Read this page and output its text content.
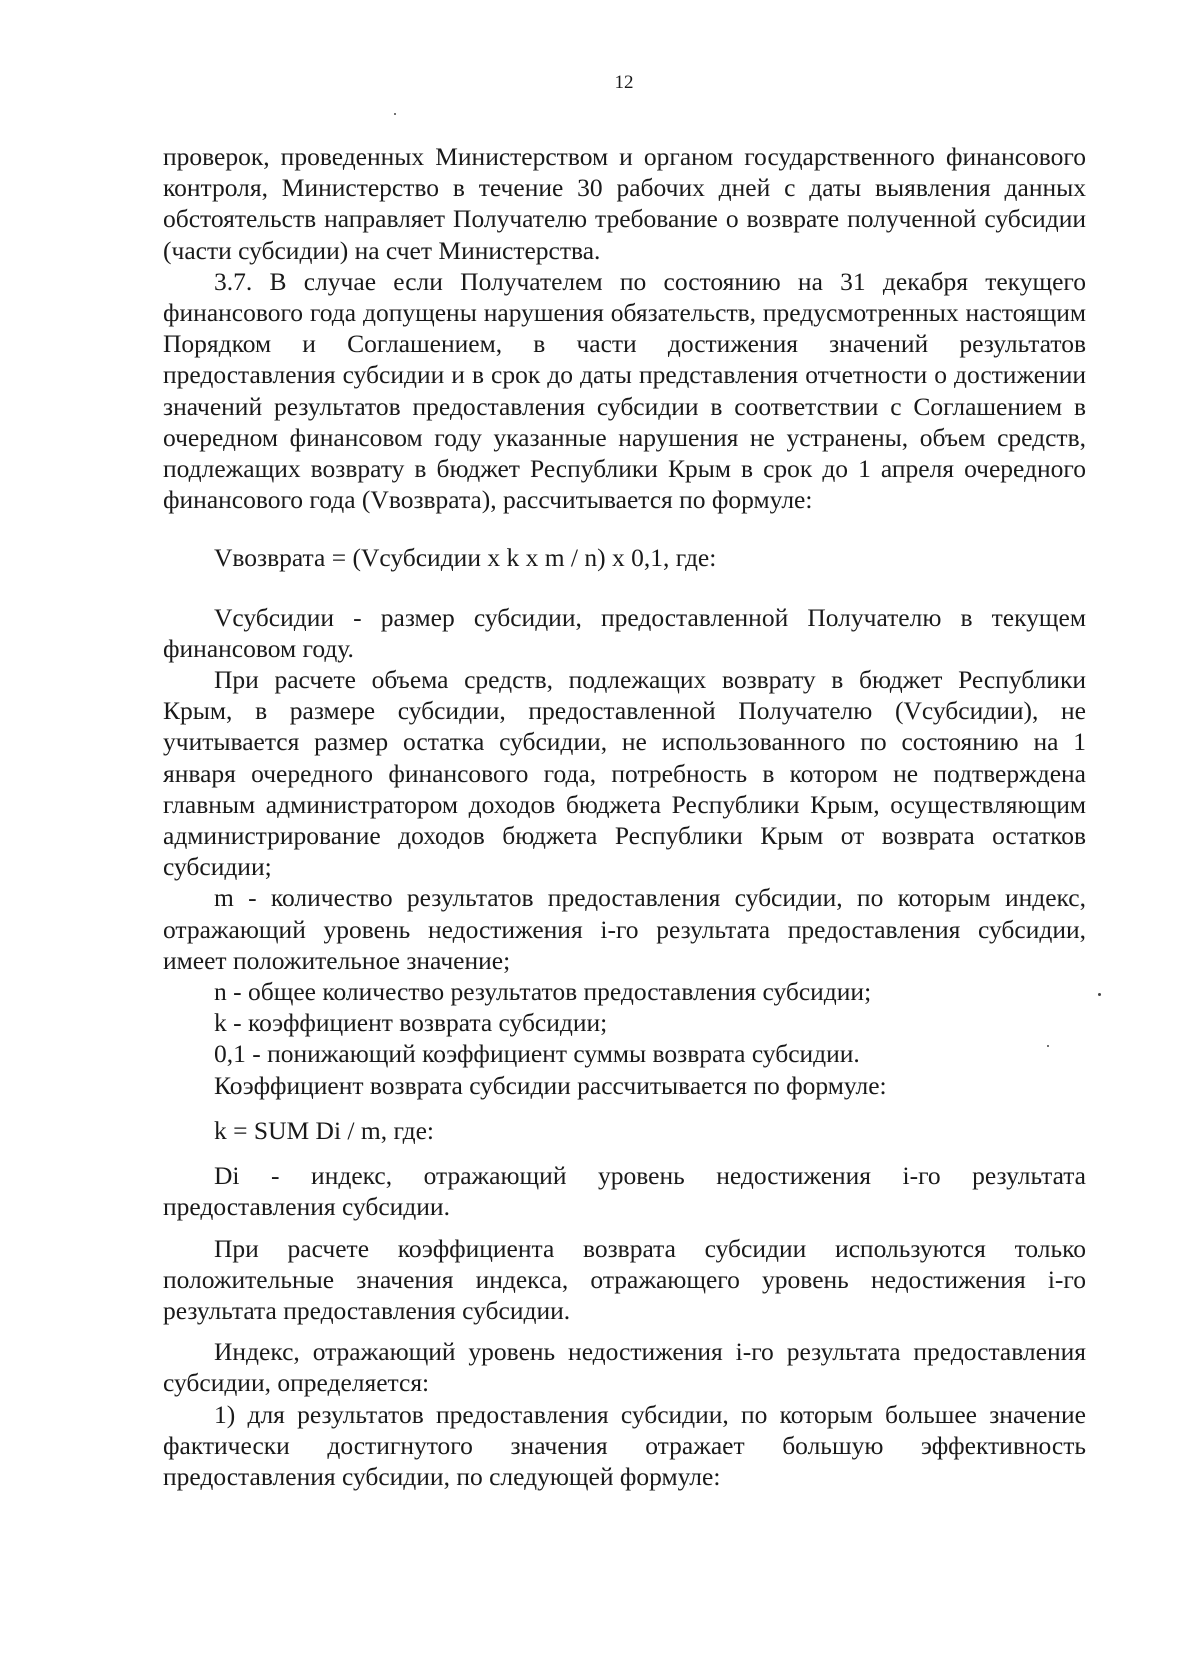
12

проверок, проведенных Министерством и органом государственного финансового контроля, Министерство в течение 30 рабочих дней с даты выявления данных обстоятельств направляет Получателю требование о возврате полученной субсидии (части субсидии) на счет Министерства.

3.7. В случае если Получателем по состоянию на 31 декабря текущего финансового года допущены нарушения обязательств, предусмотренных настоящим Порядком и Соглашением, в части достижения значений результатов предоставления субсидии и в срок до даты представления отчетности о достижении значений результатов предоставления субсидии в соответствии с Соглашением в очередном финансовом году указанные нарушения не устранены, объем средств, подлежащих возврату в бюджет Республики Крым в срок до 1 апреля очередного финансового года (Vвозврата), рассчитывается по формуле:

Vвозврата = (Vсубсидии x k x m / n) x 0,1, где:

Vсубсидии - размер субсидии, предоставленной Получателю в текущем финансовом году.

При расчете объема средств, подлежащих возврату в бюджет Республики Крым, в размере субсидии, предоставленной Получателю (Vсубсидии), не учитывается размер остатка субсидии, не использованного по состоянию на 1 января очередного финансового года, потребность в котором не подтверждена главным администратором доходов бюджета Республики Крым, осуществляющим администрирование доходов бюджета Республики Крым от возврата остатков субсидии;

m - количество результатов предоставления субсидии, по которым индекс, отражающий уровень недостижения i-го результата предоставления субсидии, имеет положительное значение;

n - общее количество результатов предоставления субсидии;

k - коэффициент возврата субсидии;

0,1 - понижающий коэффициент суммы возврата субсидии.

Коэффициент возврата субсидии рассчитывается по формуле:

k = SUM Di / m, где:

Di - индекс, отражающий уровень недостижения i-го результата предоставления субсидии.

При расчете коэффициента возврата субсидии используются только положительные значения индекса, отражающего уровень недостижения i-го результата предоставления субсидии.

Индекс, отражающий уровень недостижения i-го результата предоставления субсидии, определяется:

1) для результатов предоставления субсидии, по которым большее значение фактически достигнутого значения отражает большую эффективность предоставления субсидии, по следующей формуле:
